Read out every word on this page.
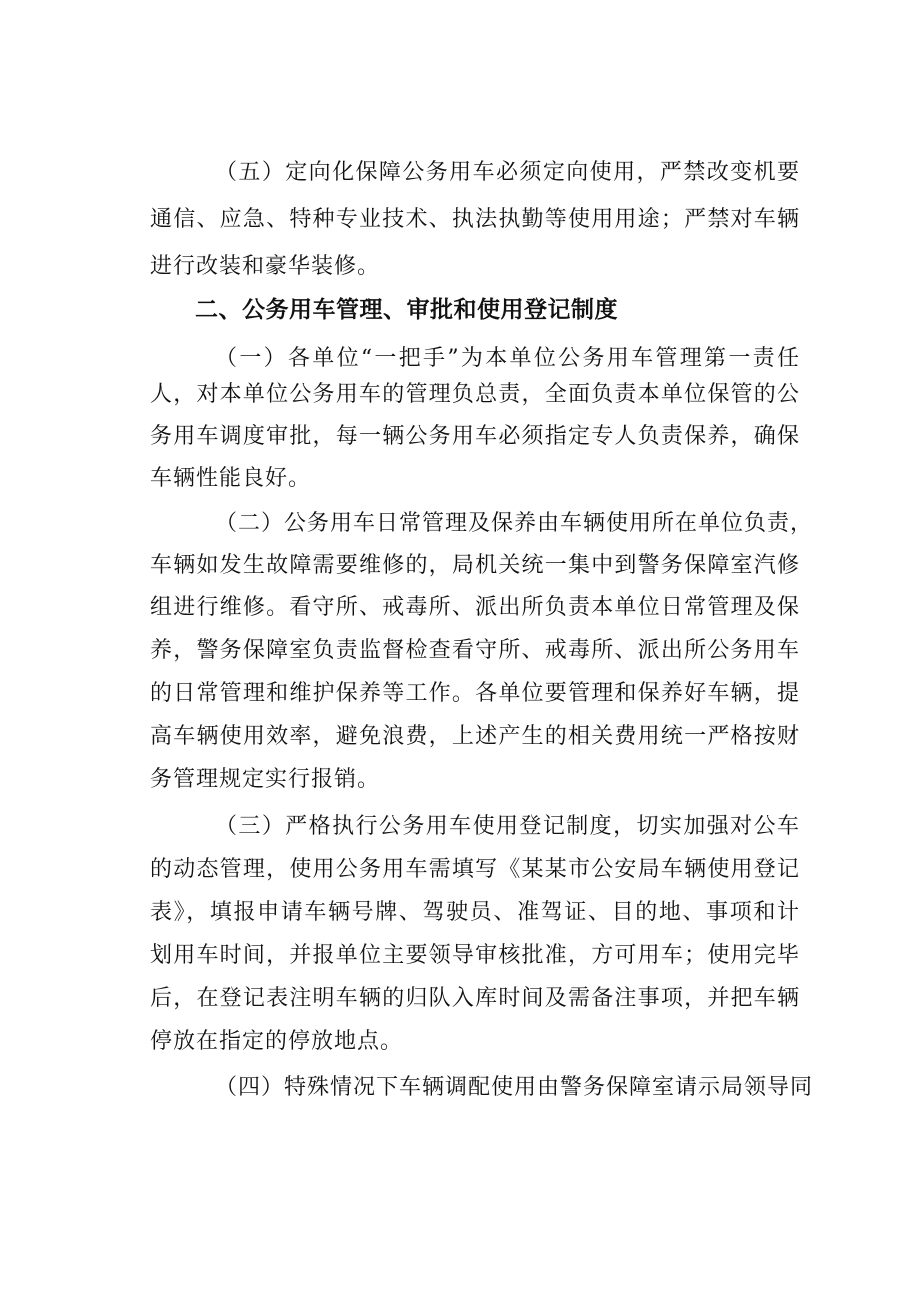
（五）定向化保障公务用车必须定向使用，严禁改变机要
通信、应急、特种专业技术、执法执勤等使用用途；严禁对车辆
进行改装和豪华装修。
二、公务用车管理、审批和使用登记制度
（一）各单位“一把手”为本单位公务用车管理第一责任
人，对本单位公务用车的管理负总责，全面负责本单位保管的公
务用车调度审批，每一辆公务用车必须指定专人负责保养，确保
车辆性能良好。
（二）公务用车日常管理及保养由车辆使用所在单位负责，
车辆如发生故障需要维修的，局机关统一集中到警务保障室汽修
组进行维修。看守所、戒毒所、派出所负责本单位日常管理及保
养，警务保障室负责监督检查看守所、戒毒所、派出所公务用车
的日常管理和维护保养等工作。各单位要管理和保养好车辆，提
高车辆使用效率，避免浪费，上述产生的相关费用统一严格按财
务管理规定实行报销。
（三）严格执行公务用车使用登记制度，切实加强对公车
的动态管理，使用公务用车需填写《某某市公安局车辆使用登记
表》，填报申请车辆号牌、驾驶员、准驾证、目的地、事项和计
划用车时间，并报单位主要领导审核批准，方可用车；使用完毕
后，在登记表注明车辆的归队入库时间及需备注事项，并把车辆
停放在指定的停放地点。
（四）特殊情况下车辆调配使用由警务保障室请示局领导同
